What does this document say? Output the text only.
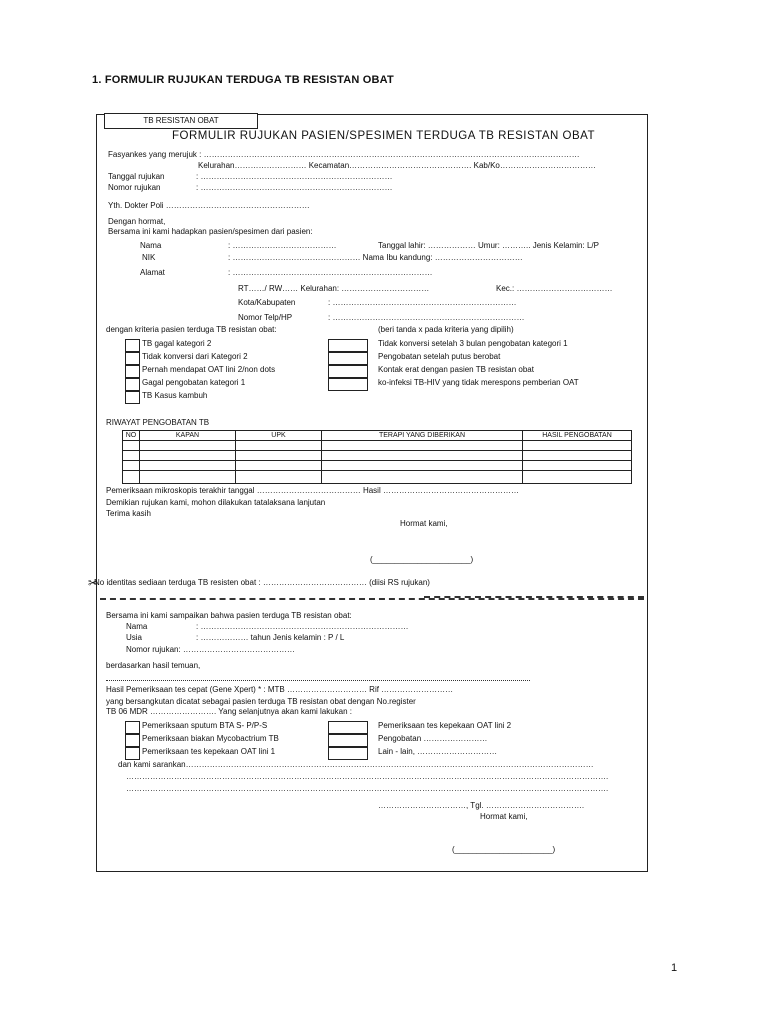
1. FORMULIR RUJUKAN TERDUGA TB RESISTAN OBAT
TB RESISTAN OBAT
FORMULIR RUJUKAN PASIEN/SPESIMEN TERDUGA TB RESISTAN OBAT
Fasyankes yang merujuk : ……………………………………………………………………………………………………………………………
Kelurahan……………………… Kecamatan………………………………………. Kab/Ko………………………………
Tanggal rujukan	: ………………………………………………………………
Nomor rujukan	: ………………………………………………………………
Yth. Dokter Poli ………………………………………………
Dengan hormat,
Bersama ini kami hadapkan pasien/spesimen dari pasien:
Nama	: …………………………………	Tanggal lahir: ……………… Umur: ……….. Jenis Kelamin: L/P
NIK	: ………………………………………… Nama Ibu kandung: ……………………………
Alamat	: …………………………………………………………………
RT……/ RW…… Kelurahan: ……………………………	Kec.: ………………………………
Kota/Kabupaten	: ……………………………………………………………
Nomor Telp/HP	: ………………………………………………………………
dengan kriteria pasien terduga TB resistan obat:	(beri tanda x pada kriteria yang dipilih)
TB gagal kategori 2
Tidak konversi dari Kategori 2
Pernah mendapat OAT lini 2/non dots
Gagal pengobatan kategori 1
TB Kasus kambuh
Tidak konversi setelah 3 bulan pengobatan kategori 1
Pengobatan setelah putus berobat
Kontak erat dengan pasien TB resistan obat
ko-infeksi TB-HIV yang tidak merespons pemberian OAT
RIWAYAT PENGOBATAN TB
NO	KAPAN	UPK	TERAPI YANG DIBERIKAN	HASIL PENGOBATAN

Pemeriksaan mikroskopis terakhir tanggal ………………………………… Hasil ……………………………………………
Demikian rujukan kami, mohon dilakukan tatalaksana lanjutan
Terima kasih
Hormat kami,
(______________________)
No identitas sediaan terduga TB resisten obat : ………………………………… (diisi RS rujukan)
✂
Bersama ini kami sampaikan bahwa pasien terduga TB resistan obat:
Nama	: ……………………………………………………………………
Usia	: ……………… tahun Jenis kelamin : P / L
Nomor rujukan: ……………………………………
berdasarkan hasil temuan,
Hasil Pemeriksaan tes cepat (Gene Xpert) * : MTB ………………………… Rif ………………………
yang bersangkutan dicatat sebagai pasien terduga TB resistan obat dengan No.register
TB 06 MDR ……………………. Yang selanjutnya akan kami lakukan :
Pemeriksaan sputum BTA S- P/P-S
Pemeriksaan biakan Mycobactrium TB
Pemeriksaan tes kepekaan OAT lini 1
Pemeriksaan tes kepekaan OAT lini 2
Pengobatan ……………………
Lain - lain, …………………………
dan kami sarankan………………………………………………………………………………………………………………………………………
……………………………………………………………………………………………………………………………………………………………….
……………………………………………………………………………………………………………………………………………………………….
……………………………, Tgl. ……………………………….
Hormat kami,
(______________________)
1
